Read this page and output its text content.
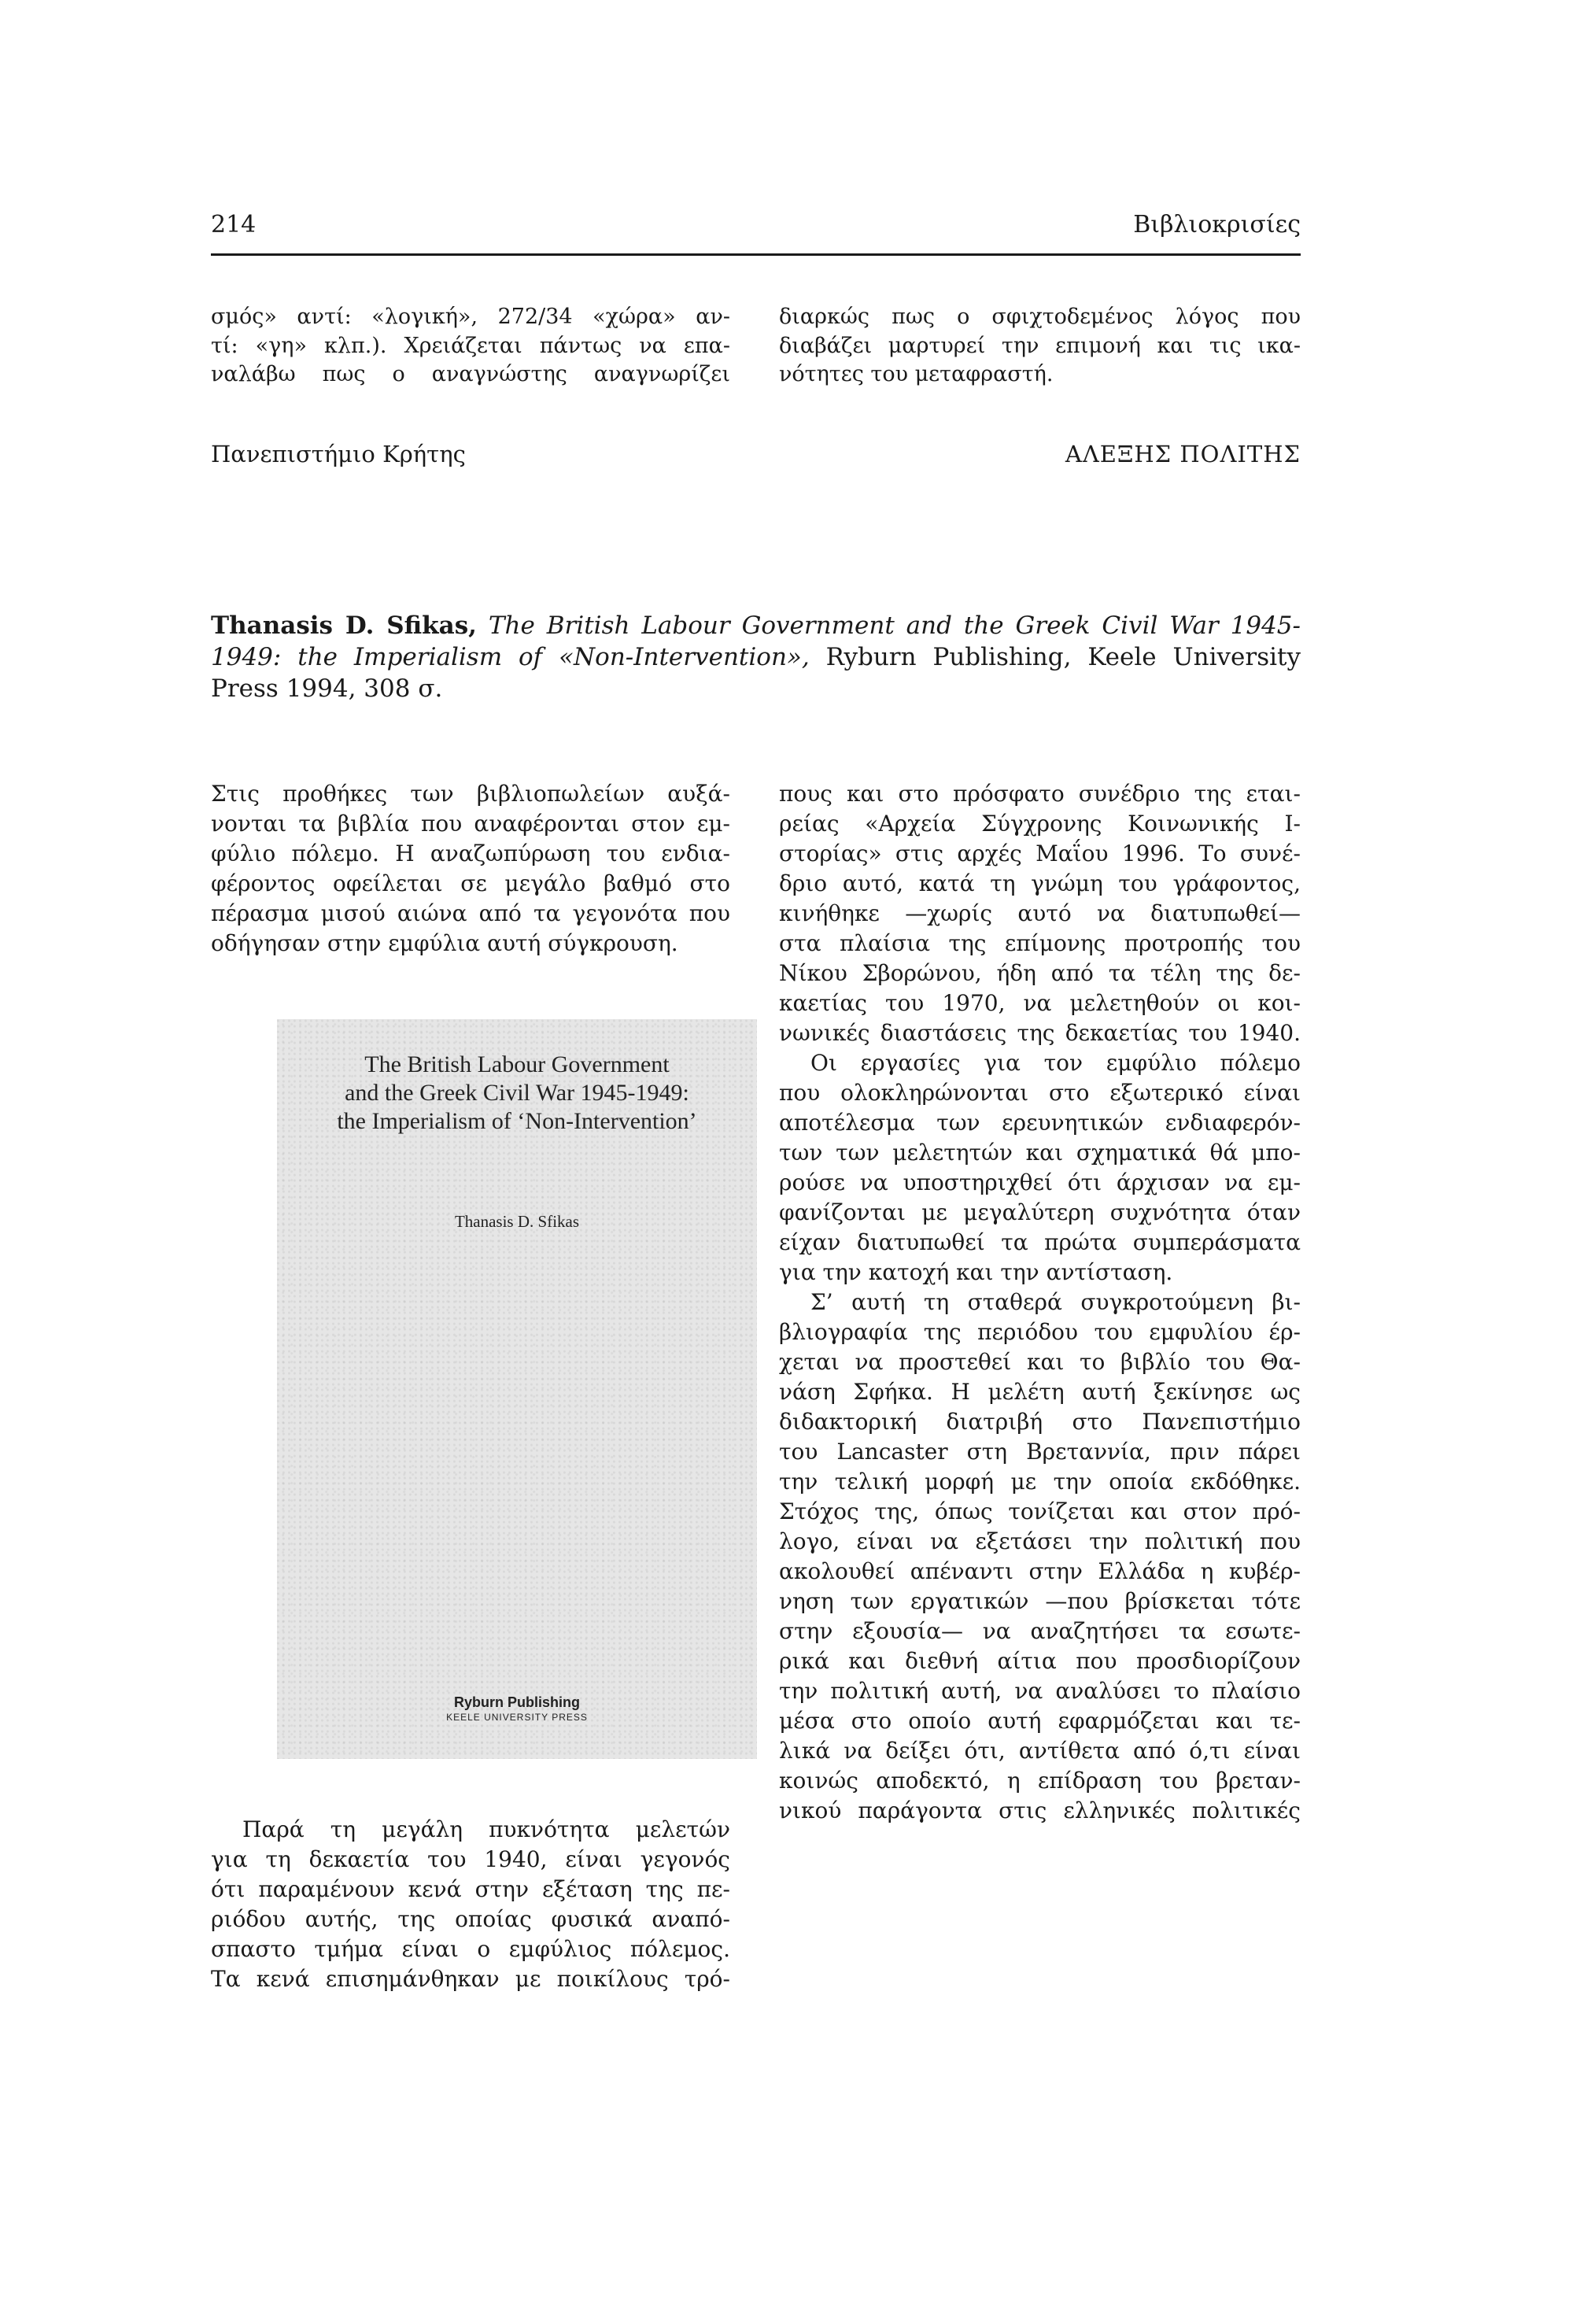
214	Βιβλιοκρισίες
σμός» αντί: «λογική», 272/34 «χώρα» αν-
τί: «γη» κλπ.). Χρειάζεται πάντως να επα-
ναλάβω πως ο αναγνώστης αναγνωρίζει
διαρκώς πως ο σφιχτοδεμένος λόγος που
διαβάζει μαρτυρεί την επιμονή και τις ικα-
νότητες του μεταφραστή.
Πανεπιστήμιο Κρήτης	ΑΛΕΞΗΣ ΠΟΛΙΤΗΣ
Thanasis D. Sfikas, The British Labour Government and the Greek Civil War 1945-
1949: the Imperialism of «Non-Intervention», Ryburn Publishing, Keele University
Press 1994, 308 σ.
Στις προθήκες των βιβλιοπωλείων αυξά-
νονται τα βιβλία που αναφέρονται στον εμ-
φύλιο πόλεμο. Η αναζωπύρωση του ενδια-
φέροντος οφείλεται σε μεγάλο βαθμό στο
πέρασμα μισού αιώνα από τα γεγονότα που
οδήγησαν στην εμφύλια αυτή σύγκρουση.
The British Labour Government
and the Greek Civil War 1945-1949:
the Imperialism of ‘Non-Intervention’
Thanasis D. Sfikas
Ryburn Publishing
KEELE UNIVERSITY PRESS
Παρά τη μεγάλη πυκνότητα μελετών
για τη δεκαετία του 1940, είναι γεγονός
ότι παραμένουν κενά στην εξέταση της πε-
ριόδου αυτής, της οποίας φυσικά αναπό-
σπαστο τμήμα είναι ο εμφύλιος πόλεμος.
Τα κενά επισημάνθηκαν με ποικίλους τρό-
πους και στο πρόσφατο συνέδριο της εται-
ρείας «Αρχεία Σύγχρονης Κοινωνικής Ι-
στορίας» στις αρχές Μαΐου 1996. Το συνέ-
δριο αυτό, κατά τη γνώμη του γράφοντος,
κινήθηκε —χωρίς αυτό να διατυπωθεί—
στα πλαίσια της επίμονης προτροπής του
Νίκου Σβορώνου, ήδη από τα τέλη της δε-
καετίας του 1970, να μελετηθούν οι κοι-
νωνικές διαστάσεις της δεκαετίας του 1940.
Οι εργασίες για τον εμφύλιο πόλεμο
που ολοκληρώνονται στο εξωτερικό είναι
αποτέλεσμα των ερευνητικών ενδιαφερόν-
των των μελετητών και σχηματικά θά μπο-
ρούσε να υποστηριχθεί ότι άρχισαν να εμ-
φανίζονται με μεγαλύτερη συχνότητα όταν
είχαν διατυπωθεί τα πρώτα συμπεράσματα
για την κατοχή και την αντίσταση.
Σ’ αυτή τη σταθερά συγκροτούμενη βι-
βλιογραφία της περιόδου του εμφυλίου έρ-
χεται να προστεθεί και το βιβλίο του Θα-
νάση Σφήκα. Η μελέτη αυτή ξεκίνησε ως
διδακτορική διατριβή στο Πανεπιστήμιο
του Lancaster στη Βρεταννία, πριν πάρει
την τελική μορφή με την οποία εκδόθηκε.
Στόχος της, όπως τονίζεται και στον πρό-
λογο, είναι να εξετάσει την πολιτική που
ακολουθεί απέναντι στην Ελλάδα η κυβέρ-
νηση των εργατικών —που βρίσκεται τότε
στην εξουσία— να αναζητήσει τα εσωτε-
ρικά και διεθνή αίτια που προσδιορίζουν
την πολιτική αυτή, να αναλύσει το πλαίσιο
μέσα στο οποίο αυτή εφαρμόζεται και τε-
λικά να δείξει ότι, αντίθετα από ό,τι είναι
κοινώς αποδεκτό, η επίδραση του βρεταν-
νικού παράγοντα στις ελληνικές πολιτικές
